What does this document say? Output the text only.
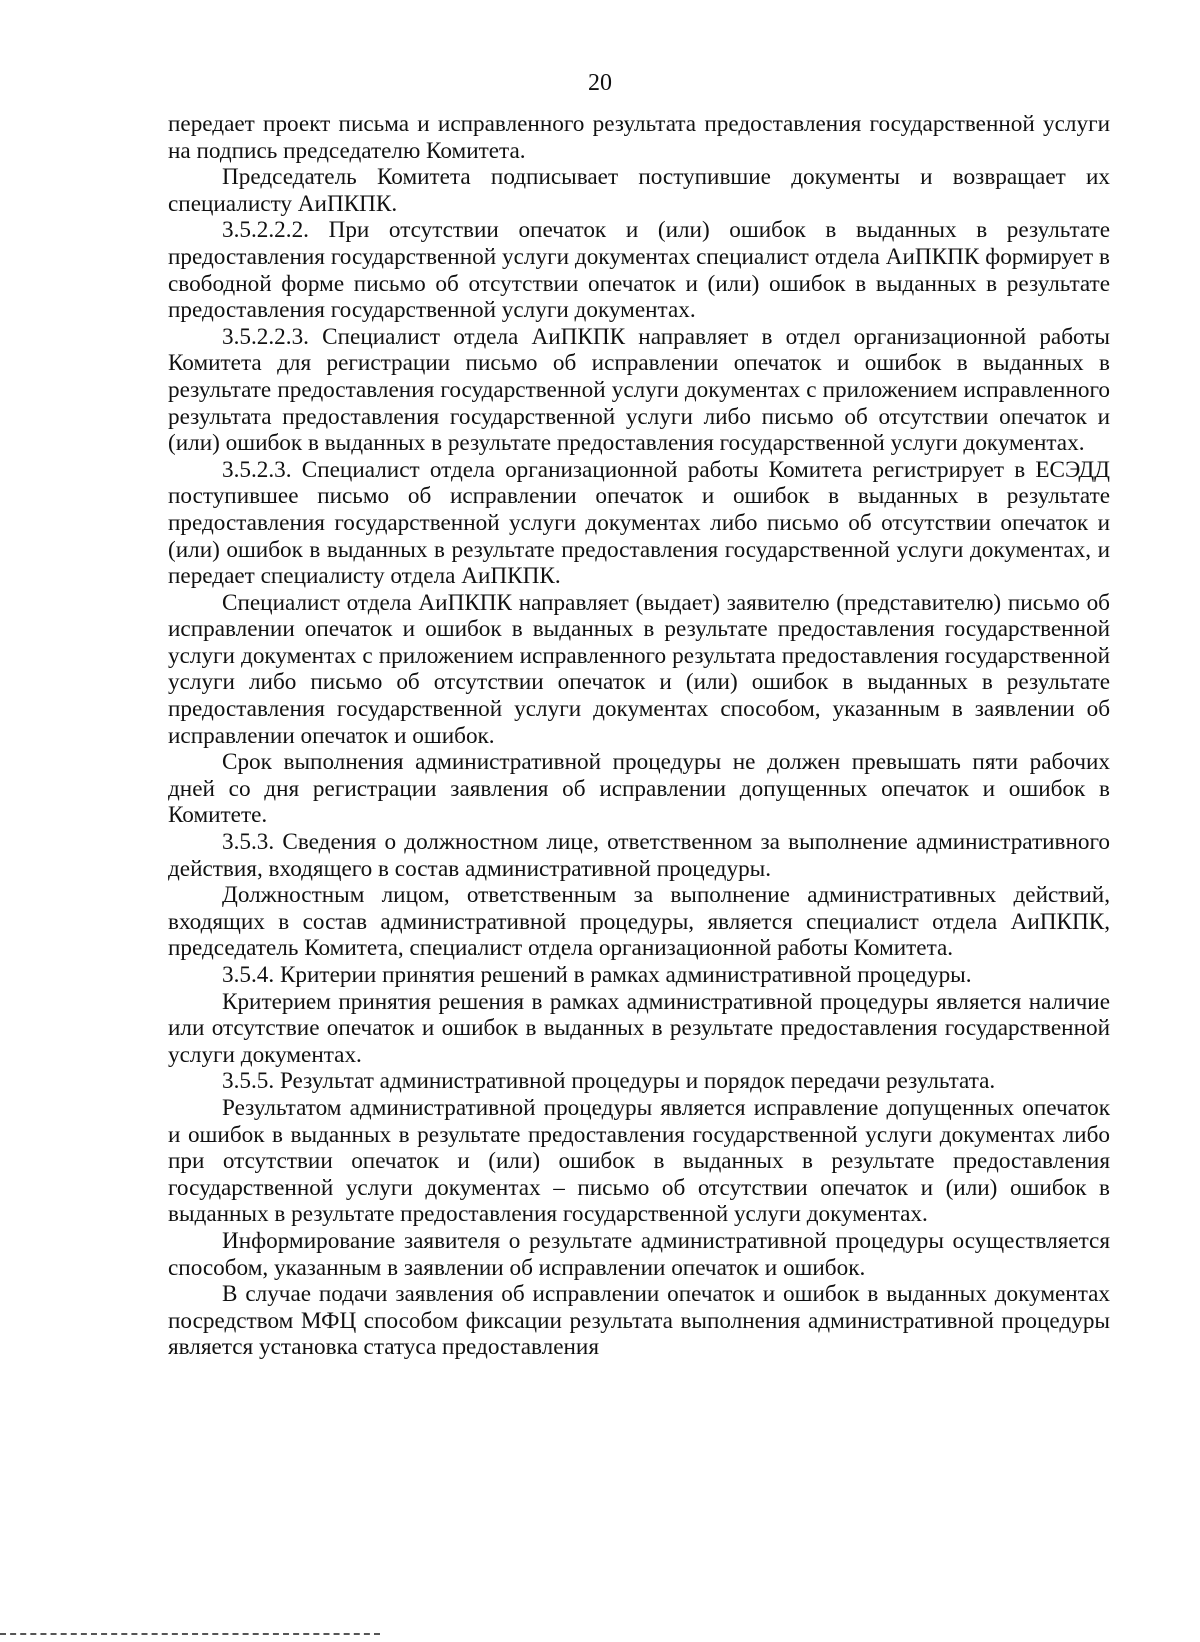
20

передает проект письма и исправленного результата предоставления государственной услуги на подпись председателю Комитета.

Председатель Комитета подписывает поступившие документы и возвращает их специалисту АиПКПК.

3.5.2.2.2. При отсутствии опечаток и (или) ошибок в выданных в результате предоставления государственной услуги документах специалист отдела АиПКПК формирует в свободной форме письмо об отсутствии опечаток и (или) ошибок в выданных в результате предоставления государственной услуги документах.

3.5.2.2.3. Специалист отдела АиПКПК направляет в отдел организационной работы Комитета для регистрации письмо об исправлении опечаток и ошибок в выданных в результате предоставления государственной услуги документах с приложением исправленного результата предоставления государственной услуги либо письмо об отсутствии опечаток и (или) ошибок в выданных в результате предоставления государственной услуги документах.

3.5.2.3. Специалист отдела организационной работы Комитета регистрирует в ЕСЭДД поступившее письмо об исправлении опечаток и ошибок в выданных в результате предоставления государственной услуги документах либо письмо об отсутствии опечаток и (или) ошибок в выданных в результате предоставления государственной услуги документах, и передает специалисту отдела АиПКПК.

Специалист отдела АиПКПК направляет (выдает) заявителю (представителю) письмо об исправлении опечаток и ошибок в выданных в результате предоставления государственной услуги документах с приложением исправленного результата предоставления государственной услуги либо письмо об отсутствии опечаток и (или) ошибок в выданных в результате предоставления государственной услуги документах способом, указанным в заявлении об исправлении опечаток и ошибок.

Срок выполнения административной процедуры не должен превышать пяти рабочих дней со дня регистрации заявления об исправлении допущенных опечаток и ошибок в Комитете.

3.5.3. Сведения о должностном лице, ответственном за выполнение административного действия, входящего в состав административной процедуры.

Должностным лицом, ответственным за выполнение административных действий, входящих в состав административной процедуры, является специалист отдела АиПКПК, председатель Комитета, специалист отдела организационной работы Комитета.

3.5.4. Критерии принятия решений в рамках административной процедуры.

Критерием принятия решения в рамках административной процедуры является наличие или отсутствие опечаток и ошибок в выданных в результате предоставления государственной услуги документах.

3.5.5. Результат административной процедуры и порядок передачи результата.

Результатом административной процедуры является исправление допущенных опечаток и ошибок в выданных в результате предоставления государственной услуги документах либо при отсутствии опечаток и (или) ошибок в выданных в результате предоставления государственной услуги документах – письмо об отсутствии опечаток и (или) ошибок в выданных в результате предоставления государственной услуги документах.

Информирование заявителя о результате административной процедуры осуществляется способом, указанным в заявлении об исправлении опечаток и ошибок.

В случае подачи заявления об исправлении опечаток и ошибок в выданных документах посредством МФЦ способом фиксации результата выполнения административной процедуры является установка статуса предоставления
